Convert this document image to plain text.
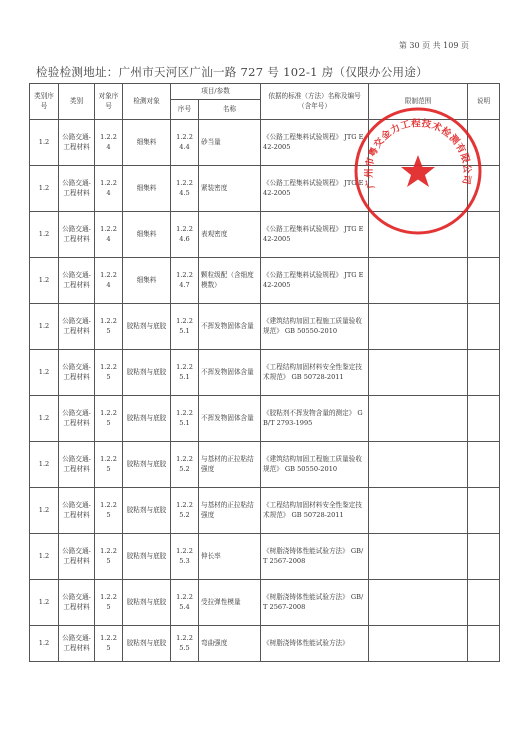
第 30 页 共 109 页
检验检测地址：广州市天河区广汕一路 727 号 102-1 房（仅限办公用途）
类别序号	类别	对象序号	检测对象	项目/参数		依据的标准（方法）名称及编号（含年号）	限制范围	说明
				序号	名称			
1.2	公路交通-工程材料	1.2.2 4	细集料	1.2.2 4.4	砂当量	《公路工程集料试验规程》 JTG E42-2005		
1.2	公路交通-工程材料	1.2.2 4	细集料	1.2.2 4.5	紧装密度	《公路工程集料试验规程》 JTG E42-2005		
1.2	公路交通-工程材料	1.2.2 4	细集料	1.2.2 4.6	表观密度	《公路工程集料试验规程》 JTG E42-2005		
1.2	公路交通-工程材料	1.2.2 4	细集料	1.2.2 4.7	颗粒级配（含细度模数）	《公路工程集料试验规程》 JTG E42-2005		
1.2	公路交通-工程材料	1.2.2 5	胶粘剂与底胶	1.2.2 5.1	不挥发物固体含量	《建筑结构加固工程施工质量验收规范》 GB 50550-2010		
1.2	公路交通-工程材料	1.2.2 5	胶粘剂与底胶	1.2.2 5.1	不挥发物固体含量	《工程结构加固材料安全性鉴定技术规范》 GB 50728-2011		
1.2	公路交通-工程材料	1.2.2 5	胶粘剂与底胶	1.2.2 5.1	不挥发物固体含量	《胶粘剂不挥发物含量的测定》 GB/T 2793-1995		
1.2	公路交通-工程材料	1.2.2 5	胶粘剂与底胶	1.2.2 5.2	与基材的正拉粘结强度	《建筑结构加固工程施工质量验收规范》 GB 50550-2010		
1.2	公路交通-工程材料	1.2.2 5	胶粘剂与底胶	1.2.2 5.2	与基材的正拉粘结强度	《工程结构加固材料安全性鉴定技术规范》 GB 50728-2011		
1.2	公路交通-工程材料	1.2.2 5	胶粘剂与底胶	1.2.2 5.3	伸长率	《树脂浇铸体性能试验方法》 GB/T 2567-2008		
1.2	公路交通-工程材料	1.2.2 5	胶粘剂与底胶	1.2.2 5.4	受拉弹性模量	《树脂浇铸体性能试验方法》 GB/T 2567-2008		
1.2	公路交通-工程材料	1.2.2 5	胶粘剂与底胶	1.2.2 5.5	弯曲强度	《树脂浇铸体性能试验方法》		
广州市粤交金力工程技术检测有限公司
